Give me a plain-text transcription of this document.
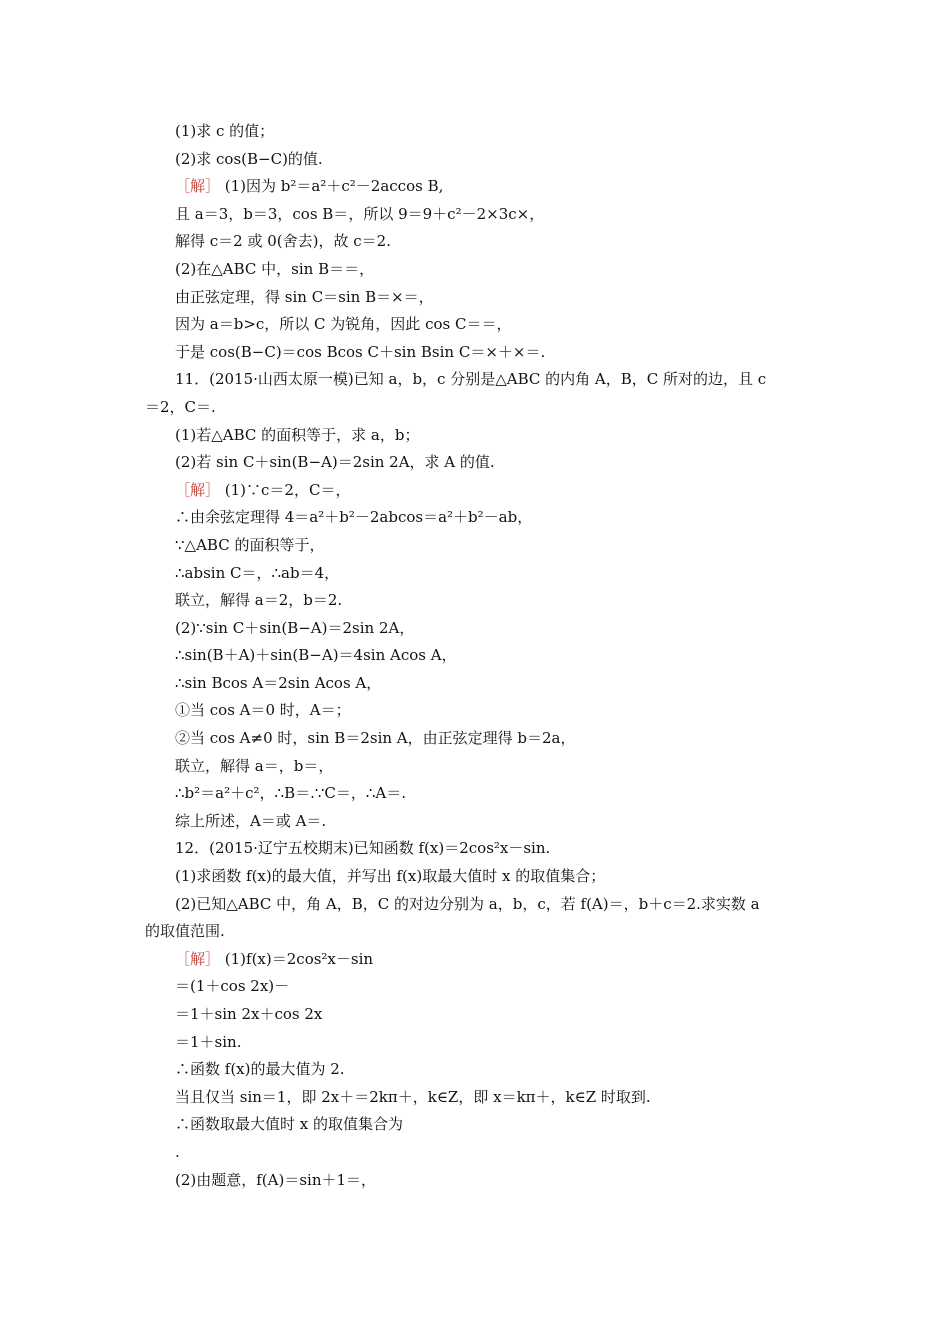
(1)求 c 的值；
(2)求 cos(B−C)的值.
［解］ (1)因为 b²＝a²＋c²－2accos B,
且 a＝3，b＝3，cos B＝，所以 9＝9＋c²－2×3c×，
解得 c＝2 或 0(舍去)，故 c＝2.
(2)在△ABC 中，sin B＝＝，
由正弦定理，得 sin C＝sin B＝×＝，
因为 a＝b>c，所以 C 为锐角，因此 cos C＝＝，
于是 cos(B−C)＝cos Bcos C＋sin Bsin C＝×＋×＝.
11．(2015·山西太原一模)已知 a，b，c 分别是△ABC 的内角 A，B，C 所对的边，且 c
＝2，C＝.
(1)若△ABC 的面积等于，求 a，b；
(2)若 sin C＋sin(B−A)＝2sin 2A，求 A 的值.
［解］ (1)∵c＝2，C＝，
∴由余弦定理得 4＝a²＋b²－2abcos＝a²＋b²－ab，
∵△ABC 的面积等于，
∴absin C＝，∴ab＝4，
联立，解得 a＝2，b＝2.
(2)∵sin C＋sin(B−A)＝2sin 2A，
∴sin(B＋A)＋sin(B−A)＝4sin Acos A，
∴sin Bcos A＝2sin Acos A，
①当 cos A＝0 时，A＝；
②当 cos A≠0 时，sin B＝2sin A，由正弦定理得 b＝2a，
联立，解得 a＝，b＝，
∴b²＝a²＋c²，∴B＝.∵C＝，∴A＝.
综上所述，A＝或 A＝.
12．(2015·辽宁五校期末)已知函数 f(x)＝2cos²x－sin.
(1)求函数 f(x)的最大值，并写出 f(x)取最大值时 x 的取值集合；
(2)已知△ABC 中，角 A，B，C 的对边分别为 a，b，c，若 f(A)＝，b＋c＝2.求实数 a
的取值范围.
［解］ (1)f(x)＝2cos²x－sin
＝(1＋cos 2x)－
＝1＋sin 2x＋cos 2x
＝1＋sin.
∴函数 f(x)的最大值为 2.
当且仅当 sin＝1，即 2x＋＝2kπ＋，k∈Z，即 x＝kπ＋，k∈Z 时取到.
∴函数取最大值时 x 的取值集合为
.
(2)由题意，f(A)＝sin＋1＝，
